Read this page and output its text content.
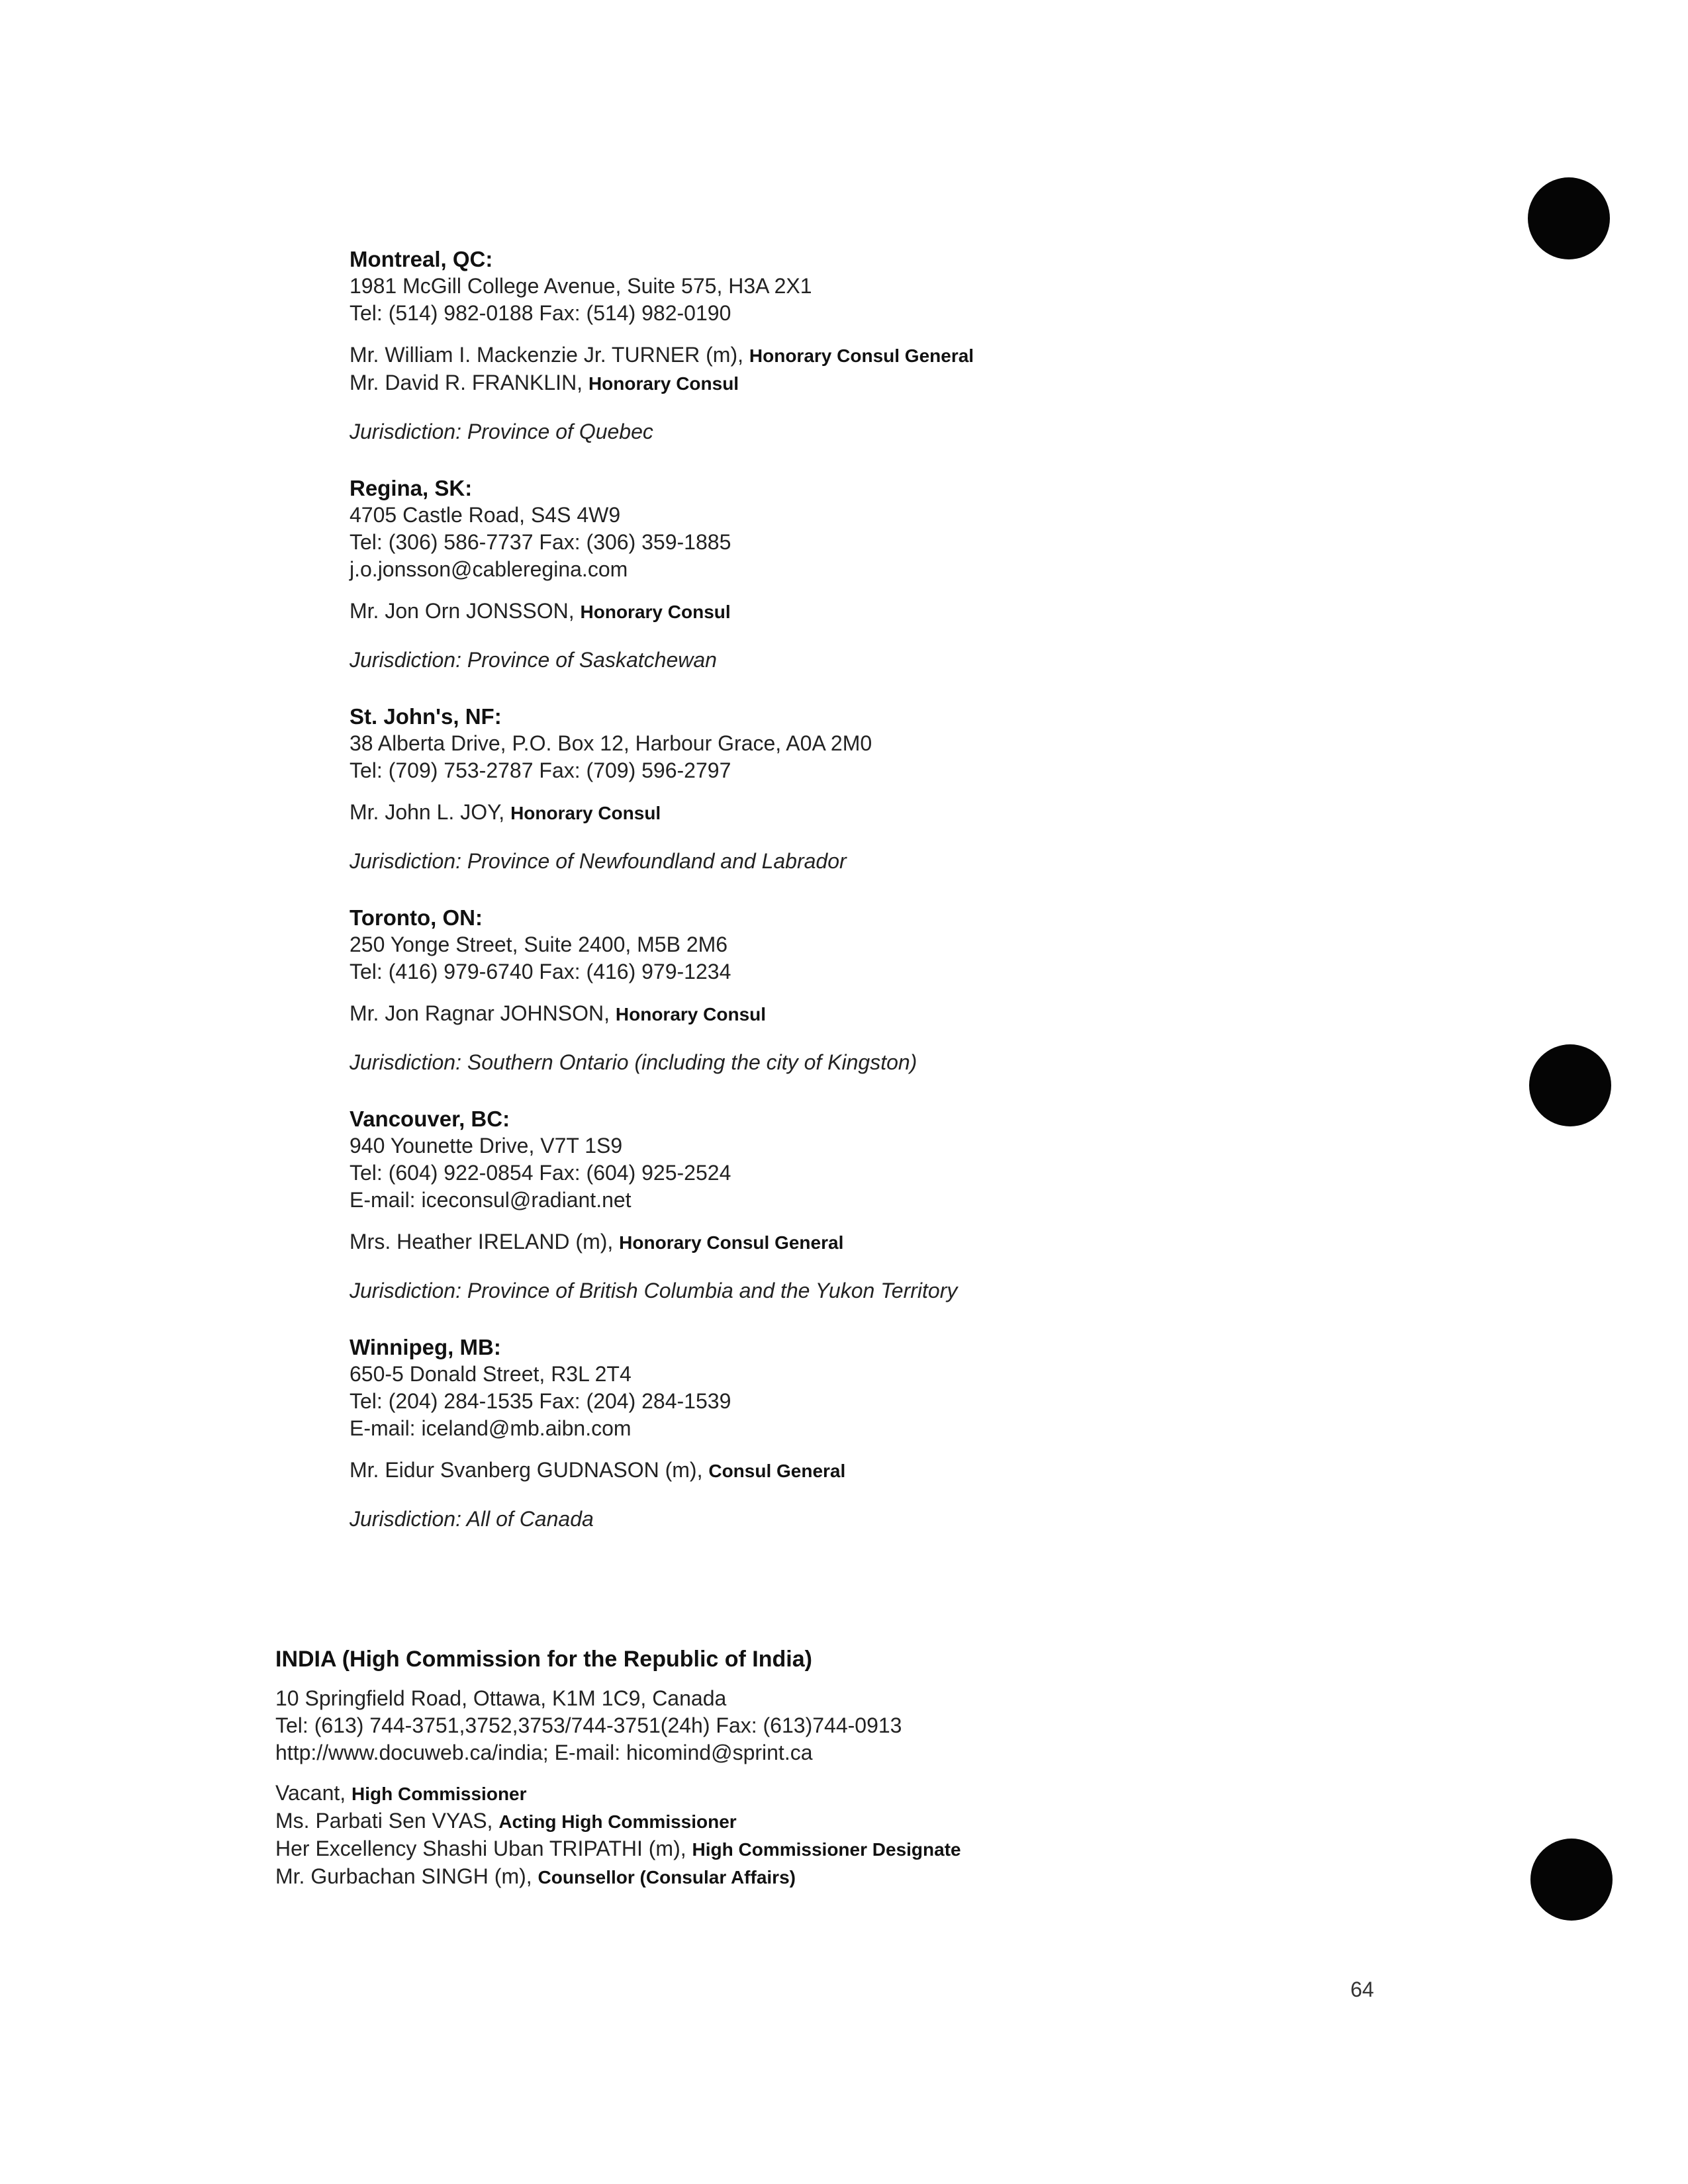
Montreal, QC:
1981 McGill College Avenue, Suite 575, H3A 2X1
Tel: (514) 982-0188 Fax: (514) 982-0190
Mr. William I. Mackenzie Jr. TURNER (m), Honorary Consul General
Mr. David R. FRANKLIN, Honorary Consul
Jurisdiction: Province of Quebec
Regina, SK:
4705 Castle Road, S4S 4W9
Tel: (306) 586-7737 Fax: (306) 359-1885
j.o.jonsson@cableregina.com
Mr. Jon Orn JONSSON, Honorary Consul
Jurisdiction: Province of Saskatchewan
St. John's, NF:
38 Alberta Drive, P.O. Box 12, Harbour Grace, A0A 2M0
Tel: (709) 753-2787 Fax: (709) 596-2797
Mr. John L. JOY, Honorary Consul
Jurisdiction: Province of Newfoundland and Labrador
Toronto, ON:
250 Yonge Street, Suite 2400, M5B 2M6
Tel: (416) 979-6740 Fax: (416) 979-1234
Mr. Jon Ragnar JOHNSON, Honorary Consul
Jurisdiction: Southern Ontario (including the city of Kingston)
Vancouver, BC:
940 Younette Drive, V7T 1S9
Tel: (604) 922-0854 Fax: (604) 925-2524
E-mail: iceconsul@radiant.net
Mrs. Heather IRELAND (m), Honorary Consul General
Jurisdiction: Province of British Columbia and the Yukon Territory
Winnipeg, MB:
650-5 Donald Street, R3L 2T4
Tel: (204) 284-1535 Fax: (204) 284-1539
E-mail: iceland@mb.aibn.com
Mr. Eidur Svanberg GUDNASON (m), Consul General
Jurisdiction: All of Canada
INDIA (High Commission for the Republic of India)
10 Springfield Road, Ottawa, K1M 1C9, Canada
Tel: (613) 744-3751,3752,3753/744-3751(24h) Fax: (613)744-0913
http://www.docuweb.ca/india; E-mail: hicomind@sprint.ca
Vacant, High Commissioner
Ms. Parbati Sen VYAS, Acting High Commissioner
Her Excellency Shashi Uban TRIPATHI (m), High Commissioner Designate
Mr. Gurbachan SINGH (m), Counsellor (Consular Affairs)
64
